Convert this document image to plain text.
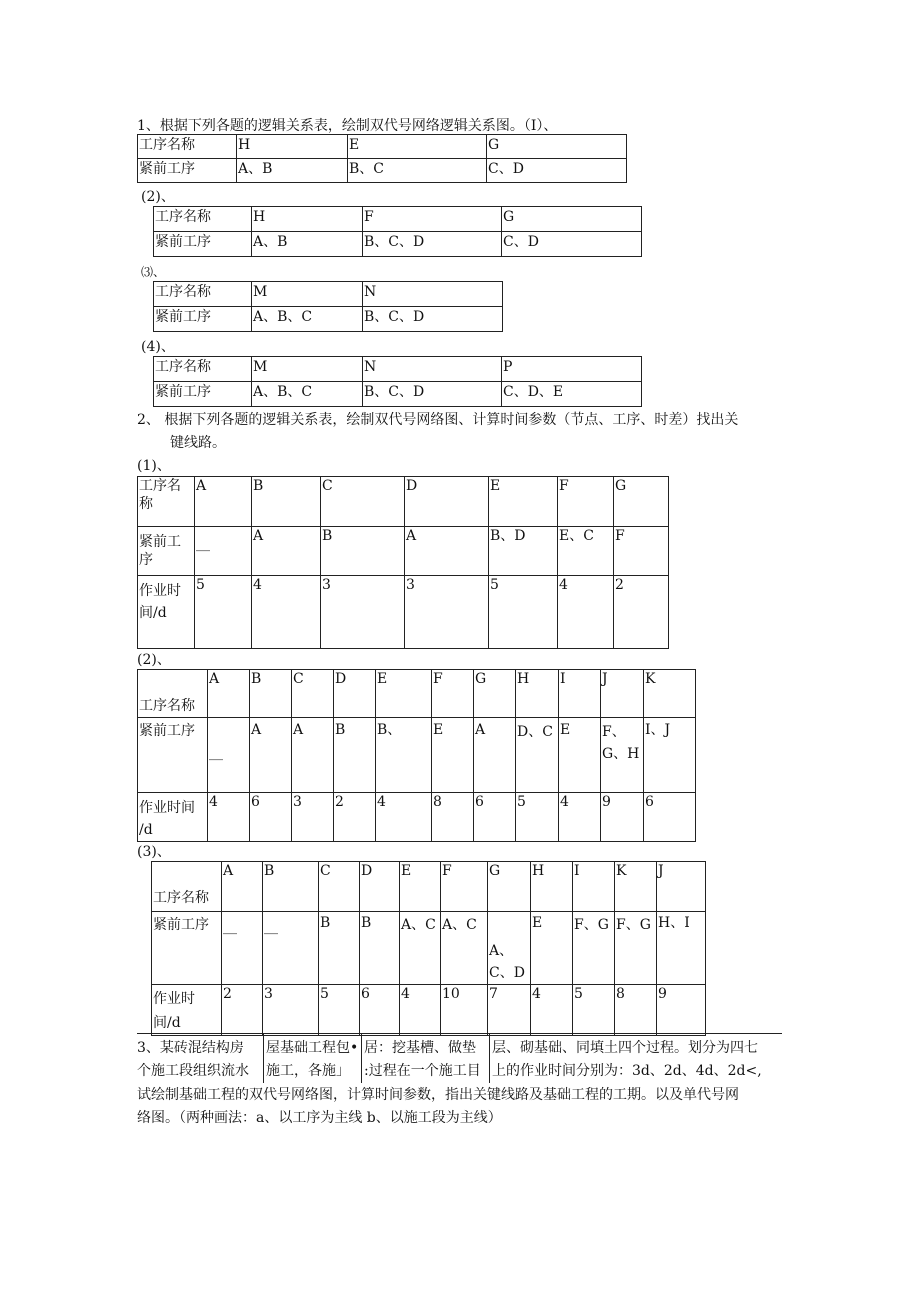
1、根据下列各题的逻辑关系表，绘制双代号网络逻辑关系图。（I）、
工序名称	H	E	G
紧前工序	A、B	B、C	C、D
(2)、
工序名称	H	F	G
紧前工序	A、B	B、C、D	C、D
⑶、
工序名称	M	N
紧前工序	A、B、C	B、C、D
(4)、
工序名称	M	N	P
紧前工序	A、B、C	B、C、D	C、D、E
2、 根据下列各题的逻辑关系表，绘制双代号网络图、计算时间参数（节点、工序、时差）找出关
键线路。
(1)、
工序名
称	A	B	C	D	E	F	G
紧前工
序	__	A	B	A	B、D	E、C	F
作业时
间/d	5	4	3	3	5	4	2
(2)、
工序名称	A	B	C	D	E	F	G	H	I	J	K
紧前工序	__	A	A	B	B、	E	A	D、C	E	F、G、H	I、J
作业时间
/d	4	6	3	2	4	8	6	5	4	9	6
(3)、
工序名称	A	B	C	D	E	F	G	H	I	K	J
紧前工序	__	__	B	B	A、C	A、C	A、C、D	E	F、G	F、G	H、I
作业时
间/d	2	3	5	6	4	10	7	4	5	8	9
3、某砖混结构房 屋基础工程包• 居：挖基槽、做垫 层、砌基础、同填土四个过程。划分为四七
个施工段组织流水 施工，各施」 :过程在一个施工目 上的作业时间分别为：3d、2d、4d、2d<,
试绘制基础工程的双代号网络图，计算时间参数，指出关键线路及基础工程的工期。以及单代号网
络图。（两种画法：a、以工序为主线 b、以施工段为主线）
